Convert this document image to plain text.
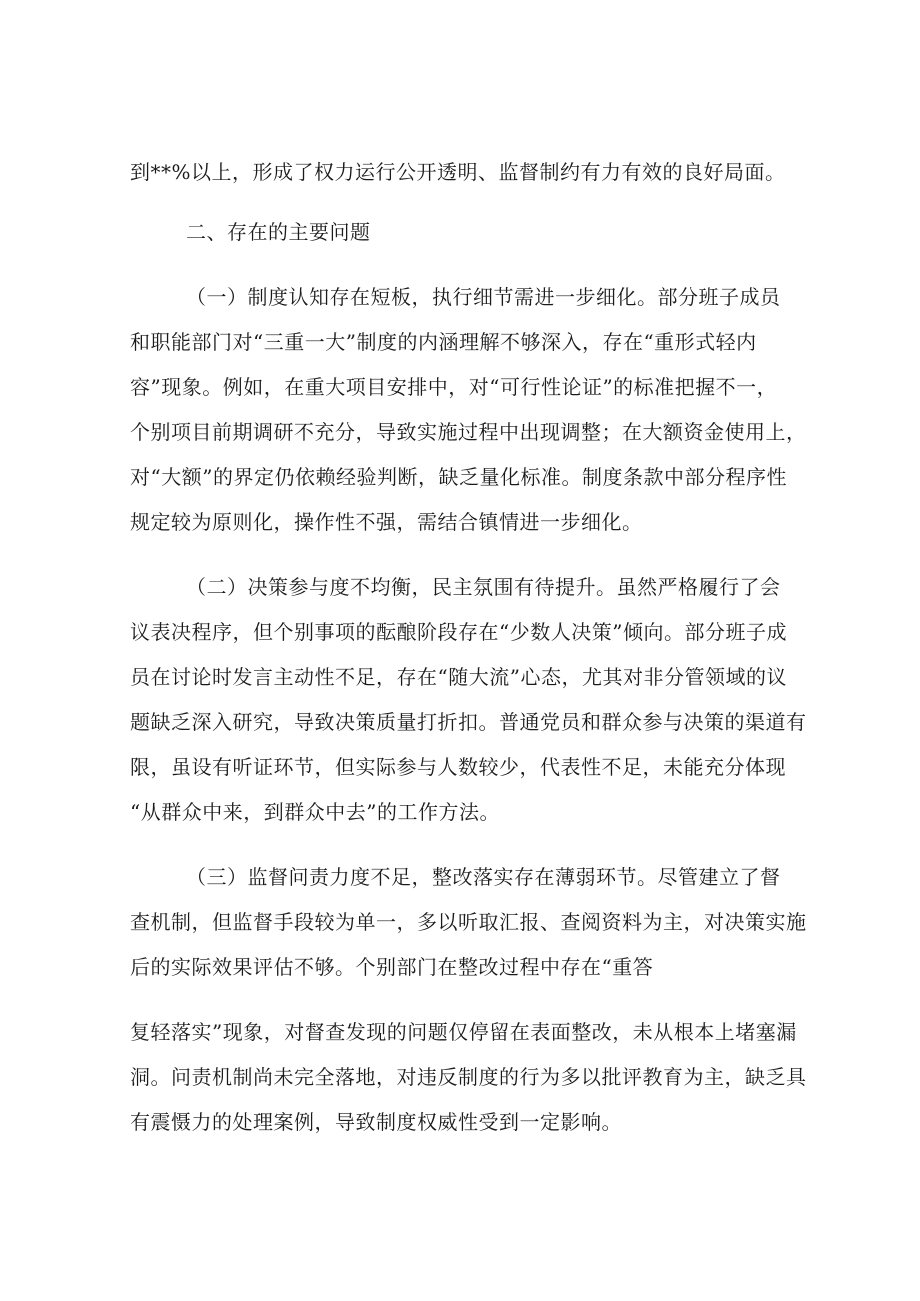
到**%以上，形成了权力运行公开透明、监督制约有力有效的良好局面。
二、存在的主要问题
（一）制度认知存在短板，执行细节需进一步细化。部分班子成员
和职能部门对“三重一大”制度的内涵理解不够深入，存在“重形式轻内
容”现象。例如，在重大项目安排中，对“可行性论证”的标准把握不一，
个别项目前期调研不充分，导致实施过程中出现调整；在大额资金使用上，
对“大额”的界定仍依赖经验判断，缺乏量化标准。制度条款中部分程序性
规定较为原则化，操作性不强，需结合镇情进一步细化。
（二）决策参与度不均衡，民主氛围有待提升。虽然严格履行了会
议表决程序，但个别事项的酝酿阶段存在“少数人决策”倾向。部分班子成
员在讨论时发言主动性不足，存在“随大流”心态，尤其对非分管领域的议
题缺乏深入研究，导致决策质量打折扣。普通党员和群众参与决策的渠道有
限，虽设有听证环节，但实际参与人数较少，代表性不足，未能充分体现
“从群众中来，到群众中去”的工作方法。
（三）监督问责力度不足，整改落实存在薄弱环节。尽管建立了督
查机制，但监督手段较为单一，多以听取汇报、查阅资料为主，对决策实施
后的实际效果评估不够。个别部门在整改过程中存在“重答
复轻落实”现象，对督查发现的问题仅停留在表面整改，未从根本上堵塞漏
洞。问责机制尚未完全落地，对违反制度的行为多以批评教育为主，缺乏具
有震慑力的处理案例，导致制度权威性受到一定影响。
